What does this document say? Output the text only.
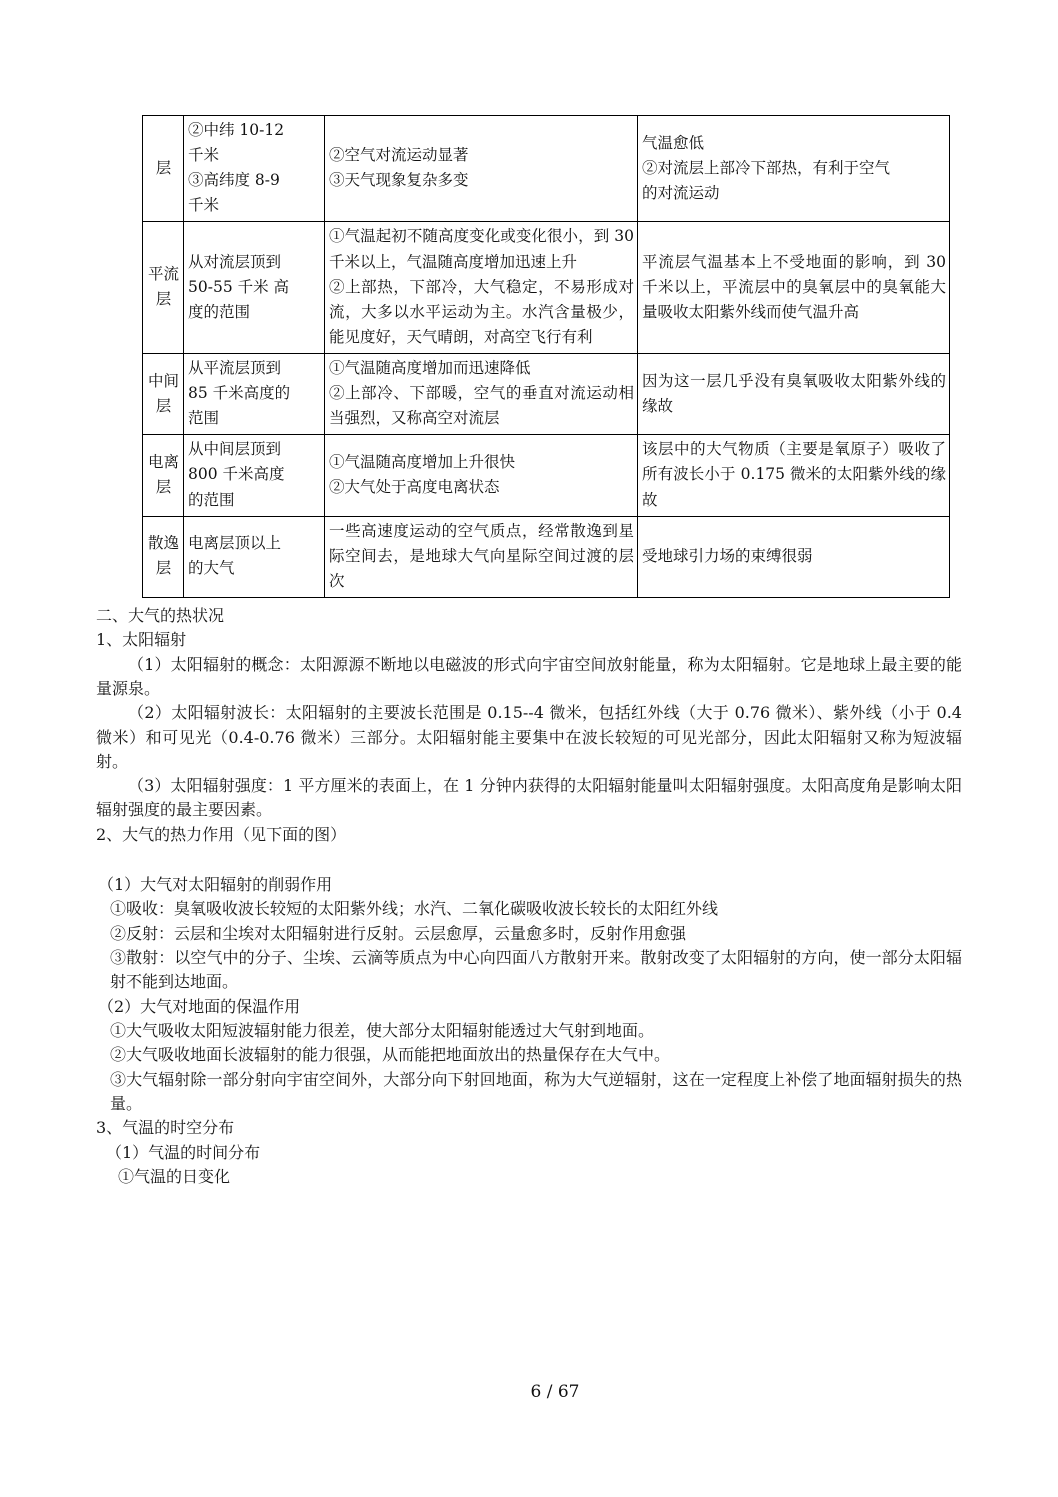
层	②中纬 10-12
千米
③高纬度 8-9
千米	②空气对流运动显著
③天气现象复杂多变	气温愈低
②对流层上部冷下部热，有利于空气
的对流运动

平流层	从对流层顶到
50-55 千米 高
度的范围	①气温起初不随高度变化或变化很小，到 30 千米以上，气温随高度增加迅速上升
②上部热，下部冷，大气稳定，不易形成对流，大多以水平运动为主。水汽含量极少，能见度好，天气晴朗，对高空飞行有利	平流层气温基本上不受地面的影响，到 30 千米以上，平流层中的臭氧层中的臭氧能大量吸收太阳紫外线而使气温升高

中间层	从平流层顶到
85 千米高度的
范围	①气温随高度增加而迅速降低
②上部冷、下部暖，空气的垂直对流运动相当强烈，又称高空对流层	因为这一层几乎没有臭氧吸收太阳紫外线的缘故

电离层	从中间层顶到
800 千米高度
的范围	①气温随高度增加上升很快
②大气处于高度电离状态	该层中的大气物质（主要是氧原子）吸收了所有波长小于 0.175 微米的太阳紫外线的缘故

散逸层	电离层顶以上
的大气	一些高速度运动的空气质点，经常散逸到星际空间去，是地球大气向星际空间过渡的层次	受地球引力场的束缚很弱

二、大气的热状况

1、太阳辐射

（1）太阳辐射的概念：太阳源源不断地以电磁波的形式向宇宙空间放射能量，称为太阳辐射。它是地球上最主要的能量源泉。

（2）太阳辐射波长：太阳辐射的主要波长范围是 0.15--4 微米，包括红外线（大于 0.76 微米）、紫外线（小于 0.4 微米）和可见光（0.4-0.76 微米）三部分。太阳辐射能主要集中在波长较短的可见光部分，因此太阳辐射又称为短波辐射。

（3）太阳辐射强度：1 平方厘米的表面上，在 1 分钟内获得的太阳辐射能量叫太阳辐射强度。太阳高度角是影响太阳辐射强度的最主要因素。

2、大气的热力作用（见下面的图）

（1）大气对太阳辐射的削弱作用

①吸收：臭氧吸收波长较短的太阳紫外线；水汽、二氧化碳吸收波长较长的太阳红外线

②反射：云层和尘埃对太阳辐射进行反射。云层愈厚，云量愈多时，反射作用愈强

③散射：以空气中的分子、尘埃、云滴等质点为中心向四面八方散射开来。散射改变了太阳辐射的方向，使一部分太阳辐射不能到达地面。

（2）大气对地面的保温作用

①大气吸收太阳短波辐射能力很差，使大部分太阳辐射能透过大气射到地面。

②大气吸收地面长波辐射的能力很强，从而能把地面放出的热量保存在大气中。

③大气辐射除一部分射向宇宙空间外，大部分向下射回地面，称为大气逆辐射，这在一定程度上补偿了地面辐射损失的热量。

3、气温的时空分布

（1）气温的时间分布

①气温的日变化

6 / 67
